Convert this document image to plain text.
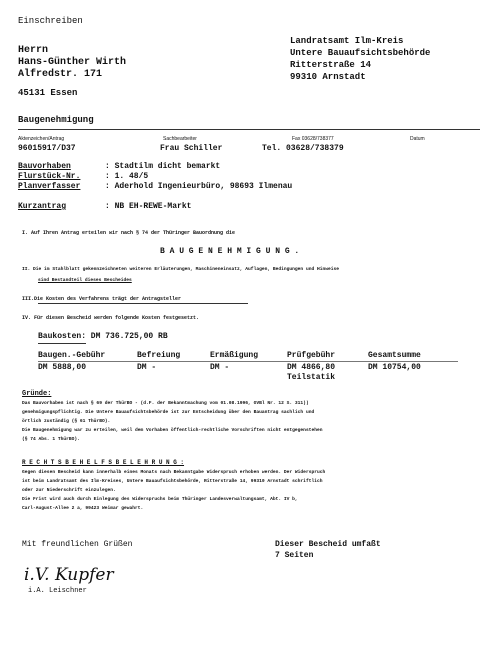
Einschreiben
Herrn
Hans-Günther Wirth
Alfredstr. 171
45131 Essen
Landratsamt Ilm-Kreis
Untere Bauaufsichtsbehörde
Ritterstraße 14
99310 Arnstadt
Baugenehmigung
Aktenzeichen/Antrag	Sachbearbeiter	Fax 03628/738377	Datum
96015917/D37	Frau Schiller	Tel. 03628/738379
Bauvorhaben	: Stadtilm dicht bemarkt
Flurstück-Nr.	: 1. 48/5
Planverfasser	: Aderhold Ingenieurbüro, 98693 Ilmenau
Kurzantrag	: NB EH-REWE-Markt
I. Auf Ihren Antrag erteilen wir nach § 74 der Thüringer Bauordnung die
B A U G E N E H M I G U N G .
II. Die im Stahlblatt gekennzeichneten weiteren Erläuterungen, Maschineneinsatz, Auflagen, Bedingungen und Hinweise
sind Bestandteil dieses Bescheides
III.Die Kosten des Verfahrens trägt der Antragsteller
IV. Für diesen Bescheid werden folgende Kosten festgesetzt.
Baukosten: DM 736.725,00 RB
Baugen.-Gebühr	Befreiung	Ermäßigung	Prüfgebühr	Gesamtsumme
DM 5888,00	DM -	DM -	DM 4866,80	DM 10754,00
Teilstatik
Gründe:
Das Bauvorhaben ist nach § 69 der ThürBO - (d.F. der Bekanntmachung vom 01.08.1996, GVBl Nr. 12 S. 311))
genehmigungspflichtig. Die Untere Bauaufsichtsbehörde ist zur Entscheidung über den Bauantrag sachlich und
örtlich zuständig (§ 61 ThürBO).
Die Baugenehmigung war zu erteilen, weil dem Vorhaben öffentlich-rechtliche Vorschriften nicht entgegenstehen
(§ 74 Abs. 1 ThürBO).
R E C H T S B E H E L F S B E L E H R U N G :
Gegen diesen Bescheid kann innerhalb eines Monats nach Bekanntgabe Widerspruch erhoben werden. Der Widerspruch
ist beim Landratsamt des Ilm-Kreises, Untere Bauaufsichtsbehörde, Ritterstraße 14, 99310 Arnstadt schriftlich
oder zur Niederschrift einzulegen.
Die Frist wird auch durch Einlegung des Widerspruchs beim Thüringer Landesverwaltungsamt, Abt. IV b,
Carl-August-Allee 2 a, 99423 Weimar gewahrt.
Mit freundlichen Grüßen	Dieser Bescheid umfaßt
7 Seiten
i.V. Kupfer
i.A. Leischner
